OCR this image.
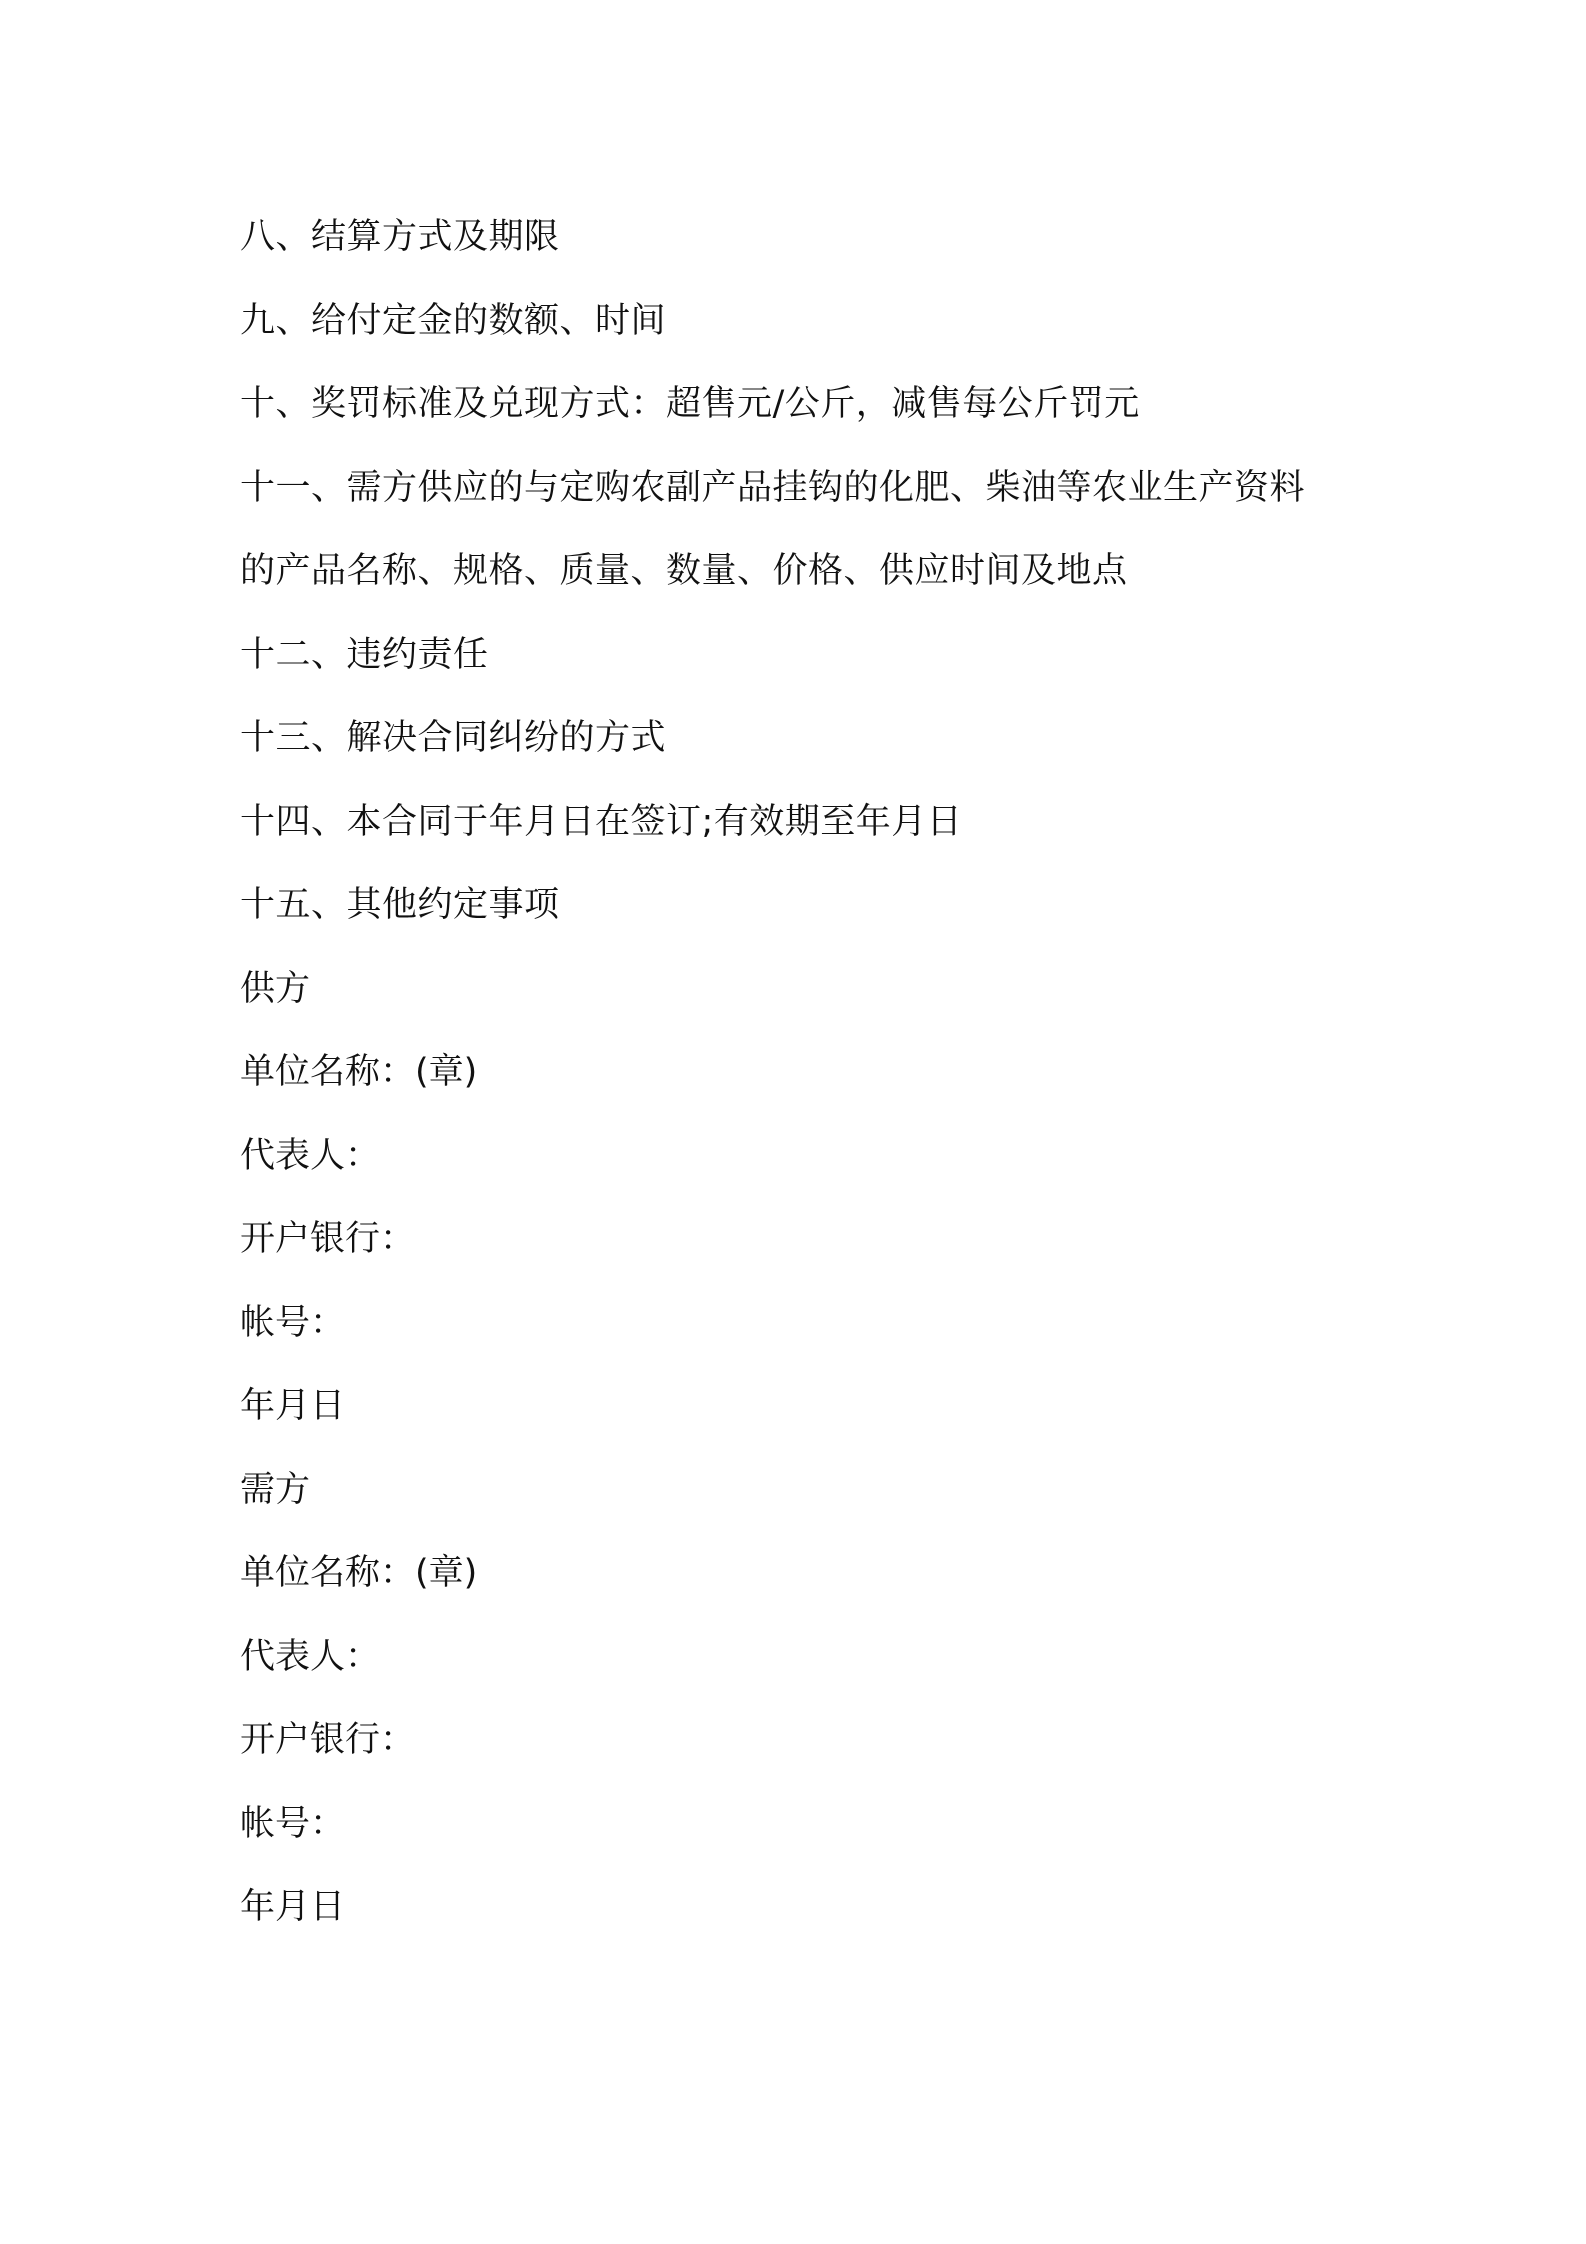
八、结算方式及期限
九、给付定金的数额、时间
十、奖罚标准及兑现方式：超售元/公斤，减售每公斤罚元
十一、需方供应的与定购农副产品挂钩的化肥、柴油等农业生产资料
的产品名称、规格、质量、数量、价格、供应时间及地点
十二、违约责任
十三、解决合同纠纷的方式
十四、本合同于年月日在签订;有效期至年月日
十五、其他约定事项
供方
单位名称：(章)
代表人：
开户银行：
帐号：
年月日
需方
单位名称：(章)
代表人：
开户银行：
帐号：
年月日
